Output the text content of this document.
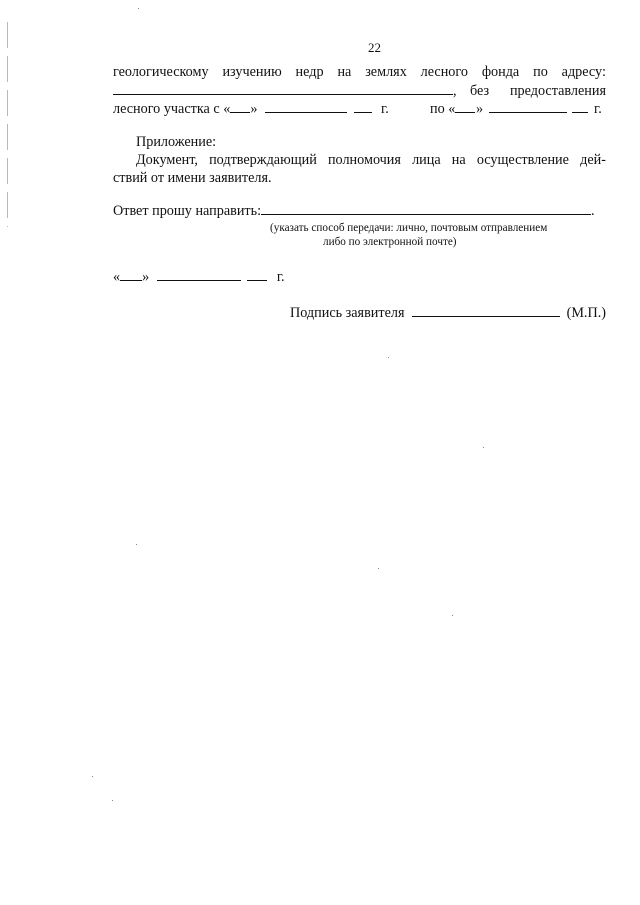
22
геологическому изучению недр на землях лесного фонда по адресу:
, без предоставления
лесного участка с « »	г.	по « »	г.
Приложение:
Документ, подтверждающий полномочия лица на осуществление дей-
ствий от имени заявителя.
Ответ прошу направить:	.
(указать способ передачи: лично, почтовым отправлением
либо по электронной почте)
« »	г.
Подпись заявителя	(М.П.)
